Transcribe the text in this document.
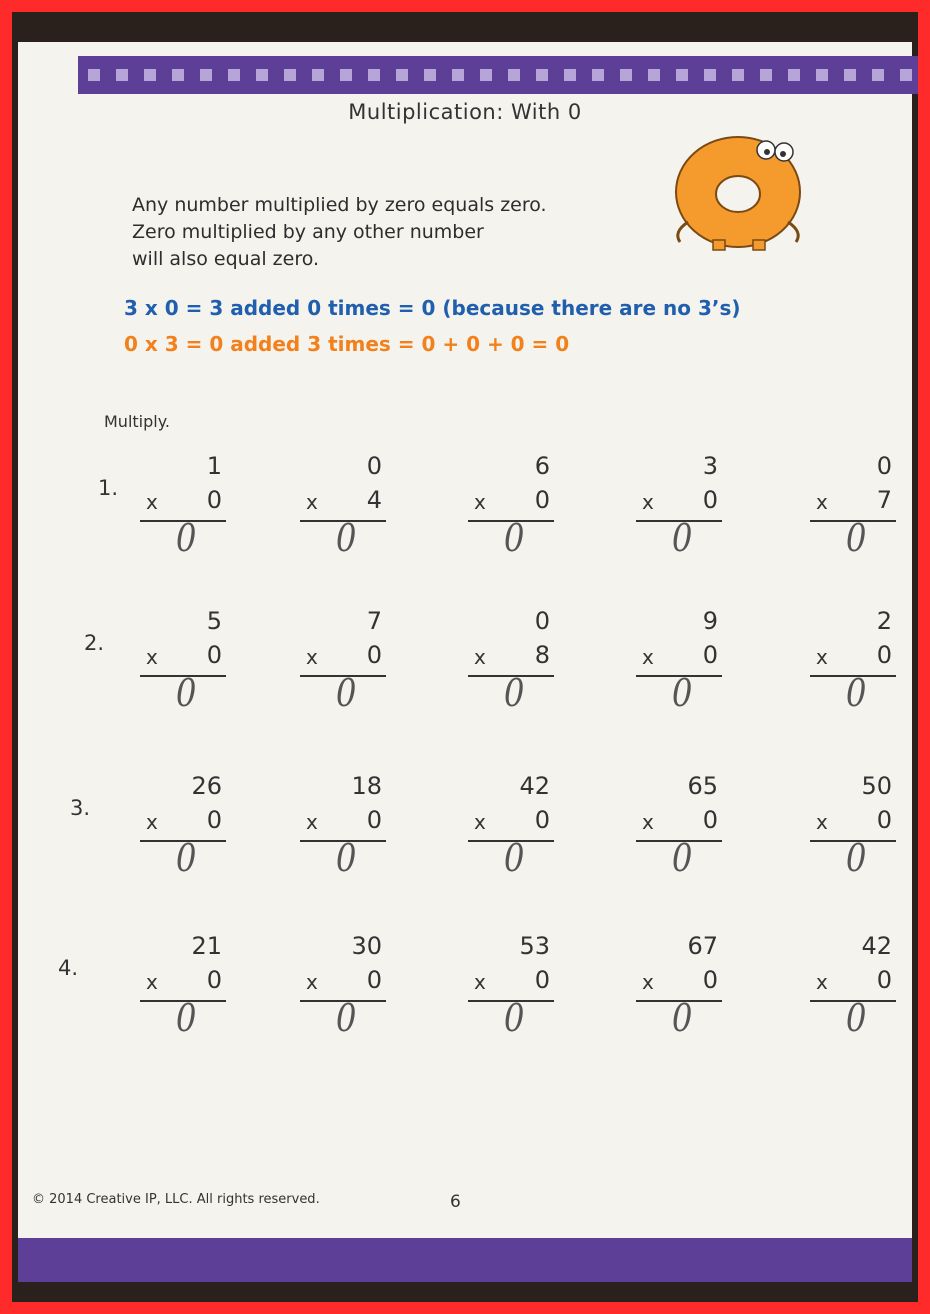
Multiplication: With 0
Any number multiplied by zero equals zero.
Zero multiplied by any other number
will also equal zero.
3 x 0 = 3 added 0 times = 0 (because there are no 3’s)
0 x 3 = 0 added 3 times = 0 + 0 + 0 = 0
Multiply.
1.
1
x 0
0
0
x 4
0
6
x 0
0
3
x 0
0
0
x 7
0
2.
5
x 0
0
7
x 0
0
0
x 8
0
9
x 0
0
2
x 0
0
3.
26
x 0
0
18
x 0
0
42
x 0
0
65
x 0
0
50
x 0
0
4.
21
x 0
0
30
x 0
0
53
x 0
0
67
x 0
0
42
x 0
0
© 2014 Creative IP, LLC. All rights reserved.	6
